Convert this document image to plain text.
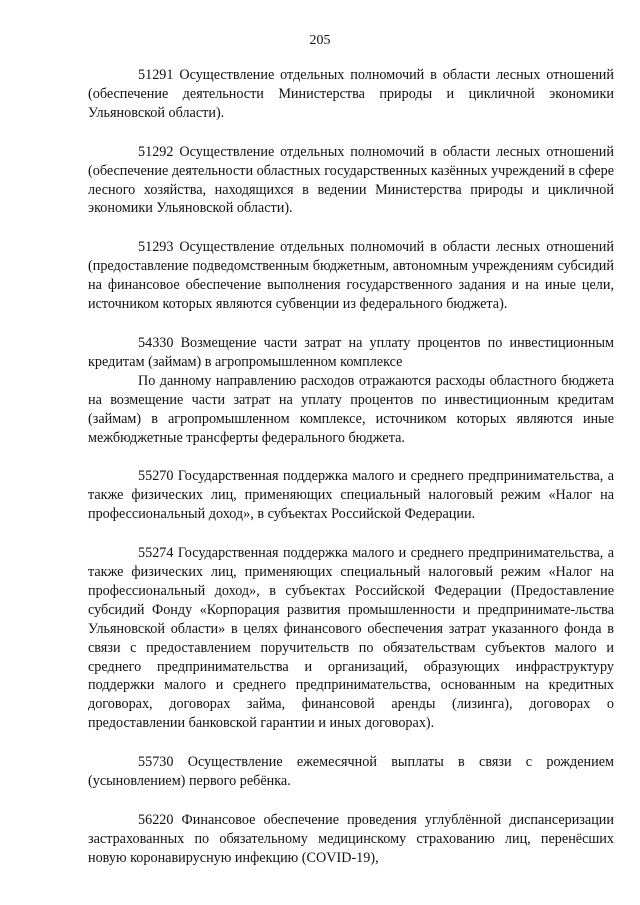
205

51291 Осуществление отдельных полномочий в области лесных отношений (обеспечение деятельности Министерства природы и цикличной экономики Ульяновской области).

51292 Осуществление отдельных полномочий в области лесных отношений (обеспечение деятельности областных государственных казённых учреждений в сфере лесного хозяйства, находящихся в ведении Министерства природы и цикличной экономики Ульяновской области).

51293 Осуществление отдельных полномочий в области лесных отношений (предоставление подведомственным бюджетным, автономным учреждениям субсидий на финансовое обеспечение выполнения государственного задания и на иные цели, источником которых являются субвенции из федерального бюджета).

54330 Возмещение части затрат на уплату процентов по инвестиционным кредитам (займам) в агропромышленном комплексе

По данному направлению расходов отражаются расходы областного бюджета на возмещение части затрат на уплату процентов по инвестиционным кредитам (займам) в агропромышленном комплексе, источником которых являются иные межбюджетные трансферты федерального бюджета.

55270 Государственная поддержка малого и среднего предпринимательства, а также физических лиц, применяющих специальный налоговый режим «Налог на профессиональный доход», в субъектах Российской Федерации.

55274 Государственная поддержка малого и среднего предпринимательства, а также физических лиц, применяющих специальный налоговый режим «Налог на профессиональный доход», в субъектах Российской Федерации (Предоставление субсидий Фонду «Корпорация развития промышленности и предпринимате-льства Ульяновской области» в целях финансового обеспечения затрат указанного фонда в связи с предоставлением поручительств по обязательствам субъектов малого и среднего предпринимательства и организаций, образующих инфраструктуру поддержки малого и среднего предпринимательства, основанным на кредитных договорах, договорах займа, финансовой аренды (лизинга), договорах о предоставлении банковской гарантии и иных договорах).

55730 Осуществление ежемесячной выплаты в связи с рождением (усыновлением) первого ребёнка.

56220 Финансовое обеспечение проведения углублённой диспансеризации застрахованных по обязательному медицинскому страхованию лиц, перенёсших новую коронавирусную инфекцию (COVID-19),
